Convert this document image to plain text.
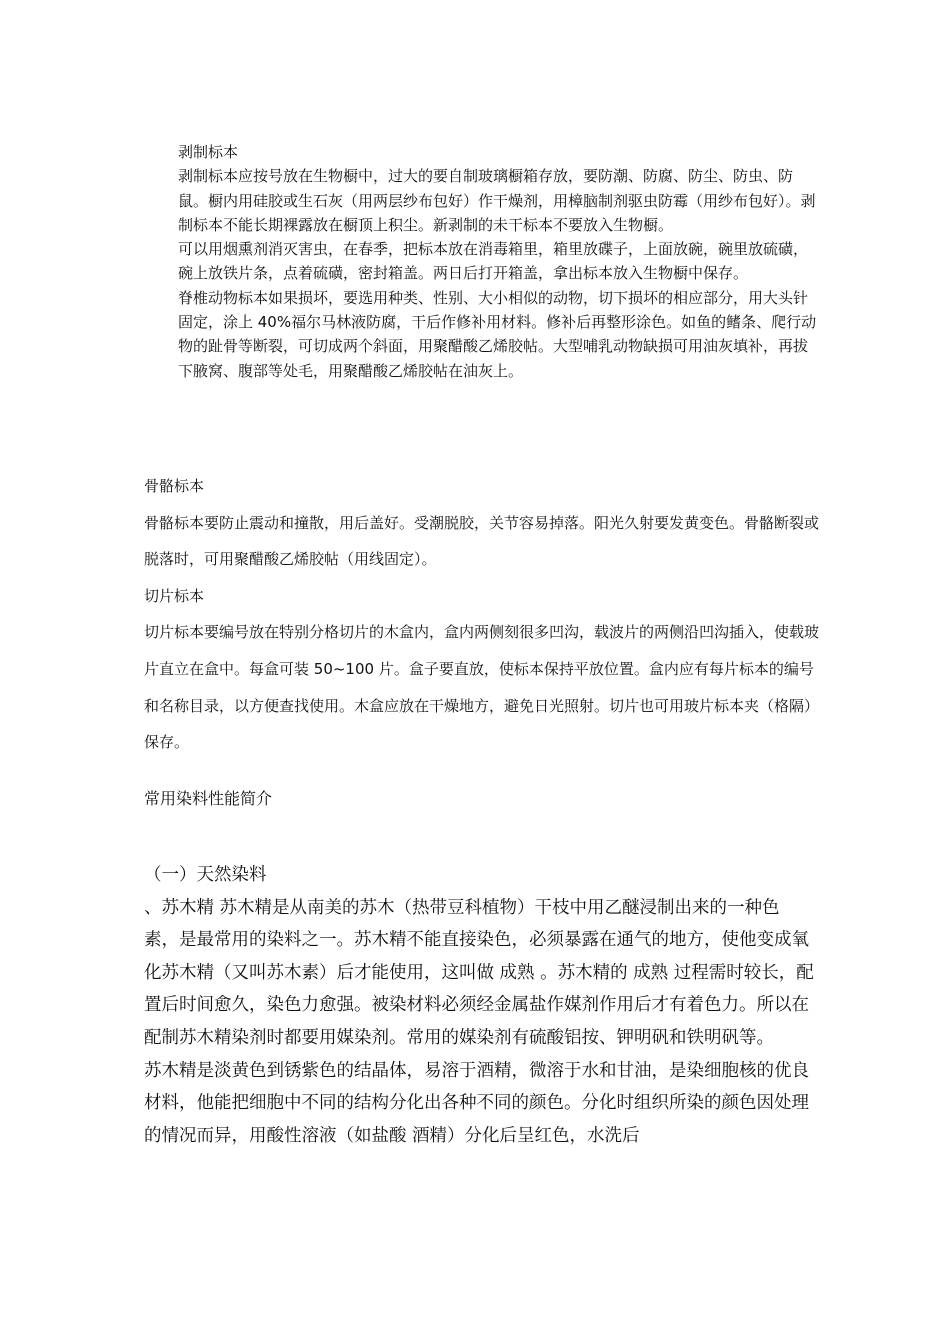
剥制标本

剥制标本应按号放在生物橱中，过大的要自制玻璃橱箱存放，要防潮、防腐、防尘、防虫、防鼠。橱内用硅胶或生石灰（用两层纱布包好）作干燥剂，用樟脑制剂驱虫防霉（用纱布包好）。剥制标本不能长期裸露放在橱顶上积尘。新剥制的未干标本不要放入生物橱。

可以用烟熏剂消灭害虫，在春季，把标本放在消毒箱里，箱里放碟子，上面放碗，碗里放硫磺，碗上放铁片条，点着硫磺，密封箱盖。两日后打开箱盖，拿出标本放入生物橱中保存。

脊椎动物标本如果损坏，要选用种类、性别、大小相似的动物，切下损坏的相应部分，用大头针固定，涂上 40%福尔马林液防腐，干后作修补用材料。修补后再整形涂色。如鱼的鳍条、爬行动物的趾骨等断裂，可切成两个斜面，用聚醋酸乙烯胶帖。大型哺乳动物缺损可用油灰填补，再拔下腋窝、腹部等处毛，用聚醋酸乙烯胶帖在油灰上。

骨骼标本

骨骼标本要防止震动和撞散，用后盖好。受潮脱胶，关节容易掉落。阳光久射要发黄变色。骨骼断裂或脱落时，可用聚醋酸乙烯胶帖（用线固定）。

切片标本

切片标本要编号放在特别分格切片的木盒内，盒内两侧刻很多凹沟，载波片的两侧沿凹沟插入，使载玻片直立在盒中。每盒可装 50~100 片。盒子要直放，使标本保持平放位置。盒内应有每片标本的编号和名称目录，以方便查找使用。木盒应放在干燥地方，避免日光照射。切片也可用玻片标本夹（格隔）保存。

常用染料性能简介

（一）天然染料

、苏木精 苏木精是从南美的苏木（热带豆科植物）干枝中用乙醚浸制出来的一种色素，是最常用的染料之一。苏木精不能直接染色，必须暴露在通气的地方，使他变成氧化苏木精（又叫苏木素）后才能使用，这叫做 成熟 。苏木精的 成熟 过程需时较长，配置后时间愈久，染色力愈强。被染材料必须经金属盐作媒剂作用后才有着色力。所以在配制苏木精染剂时都要用媒染剂。常用的媒染剂有硫酸铝按、钾明矾和铁明矾等。

苏木精是淡黄色到锈紫色的结晶体，易溶于酒精，微溶于水和甘油，是染细胞核的优良材料，他能把细胞中不同的结构分化出各种不同的颜色。分化时组织所染的颜色因处理的情况而异，用酸性溶液（如盐酸 酒精）分化后呈红色，水洗后
